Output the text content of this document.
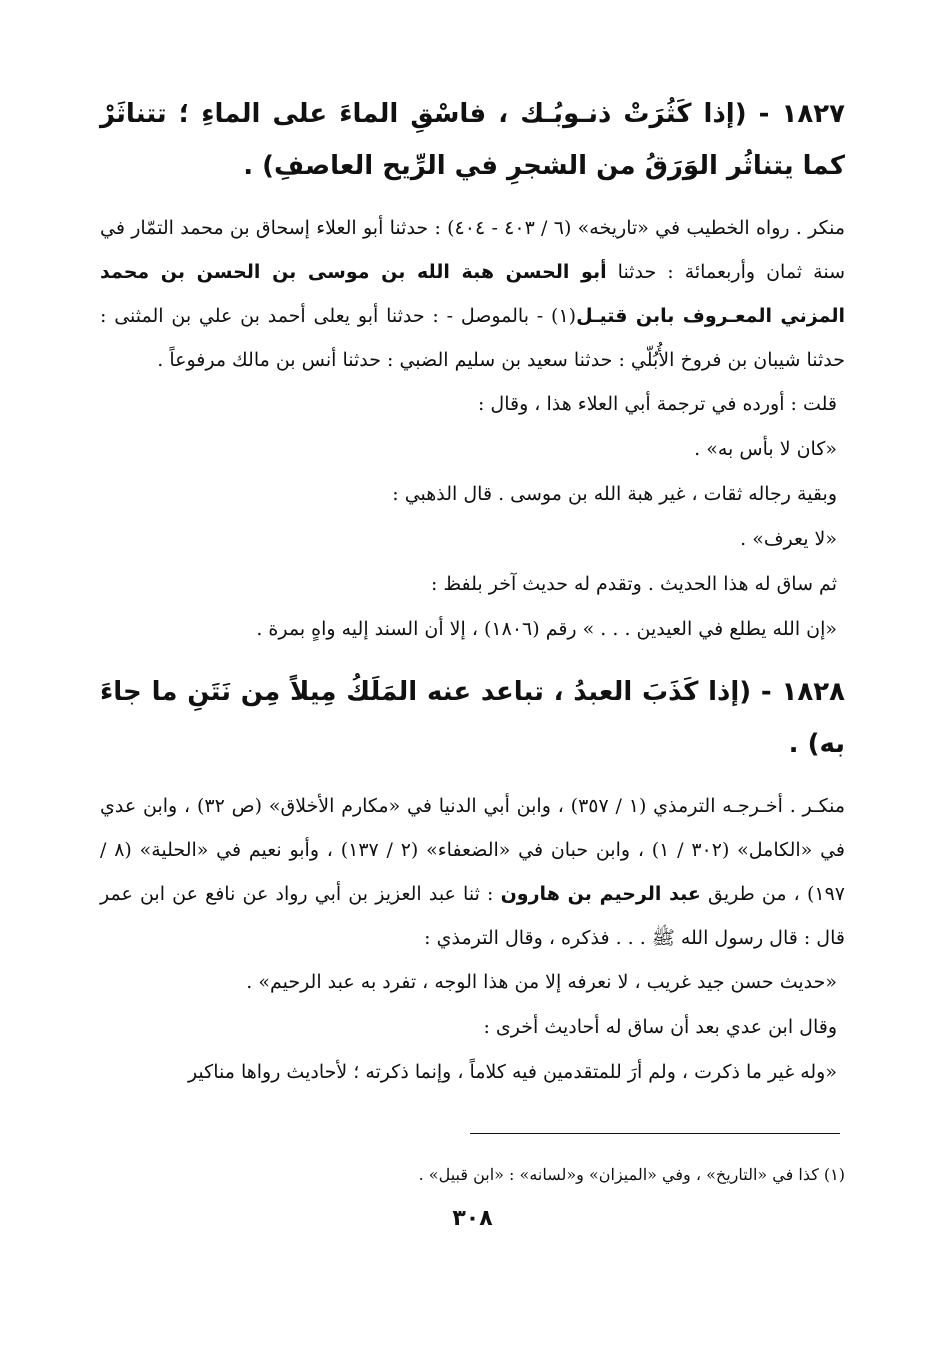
١٨٢٧ - (إذا كَثُرَتْ ذنـوبُـك ، فاسْقِ الماءَ على الماءِ ؛ تتناثَرْ كما يتناثُر الوَرَقُ من الشجرِ في الرِّيح العاصفِ) .

منكر . رواه الخطيب في «تاريخه» (٦ / ٤٠٣ - ٤٠٤) : حدثنا أبو العلاء إسحاق بن محمد التمّار في سنة ثمان وأربعمائة : حدثنا أبو الحسن هبة الله بن موسى بن الحسن بن محمد المزني المعـروف بابن قتيـل(١) - بالموصل - : حدثنا أبو يعلى أحمد بن علي بن المثنى : حدثنا شيبان بن فروخ الأُبُلّي : حدثنا سعيد بن سليم الضبي : حدثنا أنس بن مالك مرفوعاً .

قلت : أورده في ترجمة أبي العلاء هذا ، وقال :

«كان لا بأس به» .

وبقية رجاله ثقات ، غير هبة الله بن موسى . قال الذهبي :

«لا يعرف» .

ثم ساق له هذا الحديث . وتقدم له حديث آخر بلفظ :

«إن الله يطلع في العيدين . . . » رقم (١٨٠٦) ، إلا أن السند إليه واهٍ بمرة .

١٨٢٨ - (إذا كَذَبَ العبدُ ، تباعد عنه المَلَكُ مِيلاً مِن نَتَنِ ما جاءَ به) .

منكـر . أخـرجـه الترمذي (١ / ٣٥٧) ، وابن أبي الدنيا في «مكارم الأخلاق» (ص ٣٢) ، وابن عدي في «الكامل» (٣٠٢ / ١) ، وابن حبان في «الضعفاء» (٢ / ١٣٧) ، وأبو نعيم في «الحلية» (٨ / ١٩٧) ، من طريق عبد الرحيم بن هارون : ثنا عبد العزيز بن أبي رواد عن نافع عن ابن عمر قال : قال رسول الله ﷺ . . . فذكره ، وقال الترمذي :

«حديث حسن جيد غريب ، لا نعرفه إلا من هذا الوجه ، تفرد به عبد الرحيم» .

وقال ابن عدي بعد أن ساق له أحاديث أخرى :

«وله غير ما ذكرت ، ولم أرَ للمتقدمين فيه كلاماً ، وإنما ذكرته ؛ لأحاديث رواها مناكير

(١) كذا في «التاريخ» ، وفي «الميزان» و«لسانه» : «ابن قبيل» .
٣٠٨
